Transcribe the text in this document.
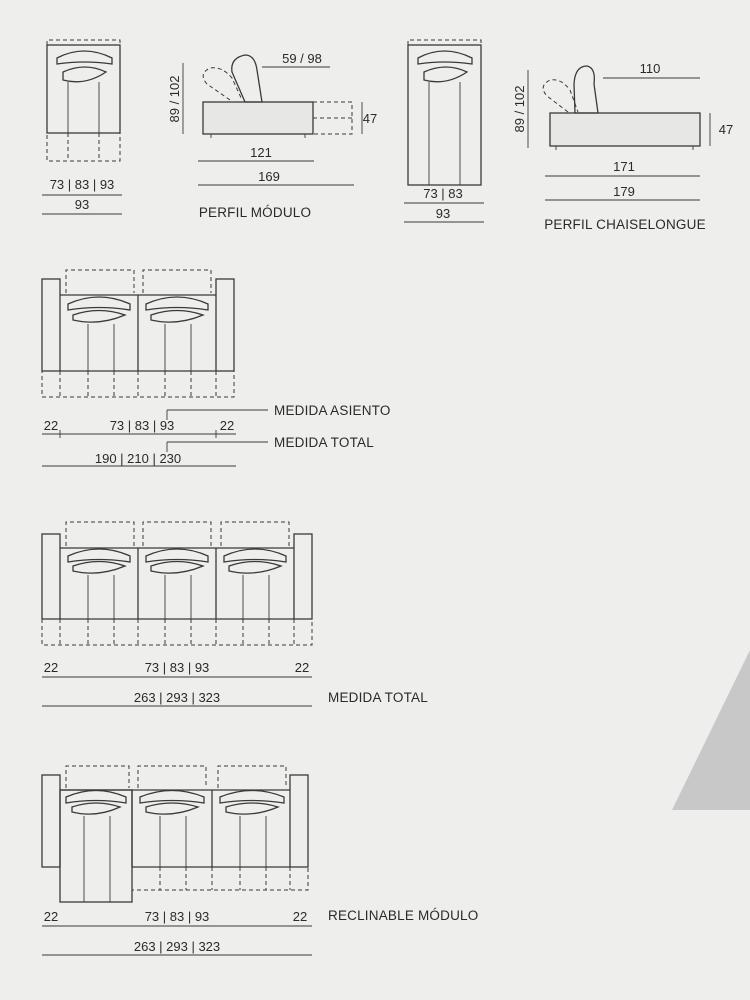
73 | 83 | 93
93
89 / 102
59 / 98
47
121
169
PERFIL MÓDULO
73 | 83
93
89 / 102
110
47
171
179
PERFIL CHAISELONGUE
22	73 | 83 | 93	22
190 | 210 | 230
MEDIDA ASIENTO
MEDIDA TOTAL
22	73 | 83 | 93	22
263 | 293 | 323	MEDIDA TOTAL
22	73 | 83 | 93	22
263 | 293 | 323
RECLINABLE MÓDULO
